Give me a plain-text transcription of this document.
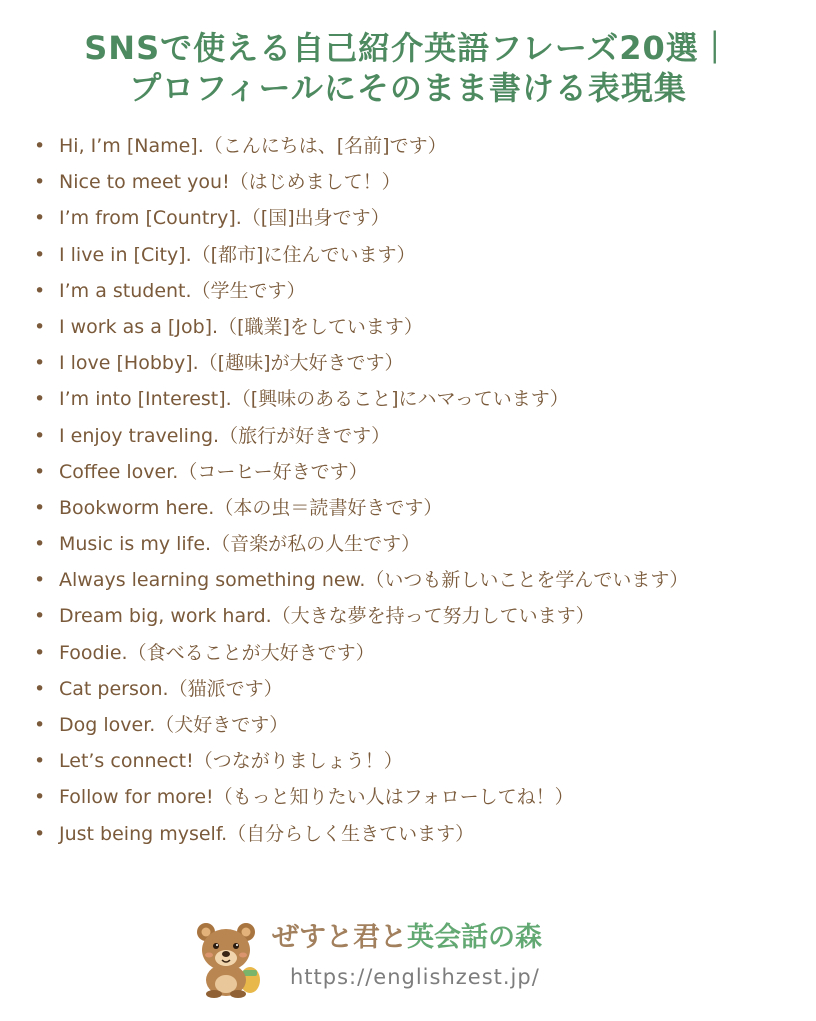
SNSで使える自己紹介英語フレーズ20選｜
プロフィールにそのまま書ける表現集
• Hi, I’m [Name].（こんにちは、[名前]です）
• Nice to meet you!（はじめまして！）
• I’m from [Country].（[国]出身です）
• I live in [City].（[都市]に住んでいます）
• I’m a student.（学生です）
• I work as a [Job].（[職業]をしています）
• I love [Hobby].（[趣味]が大好きです）
• I’m into [Interest].（[興味のあること]にハマっています）
• I enjoy traveling.（旅行が好きです）
• Coffee lover.（コーヒー好きです）
• Bookworm here.（本の虫＝読書好きです）
• Music is my life.（音楽が私の人生です）
• Always learning something new.（いつも新しいことを学んでいます）
• Dream big, work hard.（大きな夢を持って努力しています）
• Foodie.（食べることが大好きです）
• Cat person.（猫派です）
• Dog lover.（犬好きです）
• Let’s connect!（つながりましょう！）
• Follow for more!（もっと知りたい人はフォローしてね！）
• Just being myself.（自分らしく生きています）
ぜすと君と英会話の森
https://englishzest.jp/
